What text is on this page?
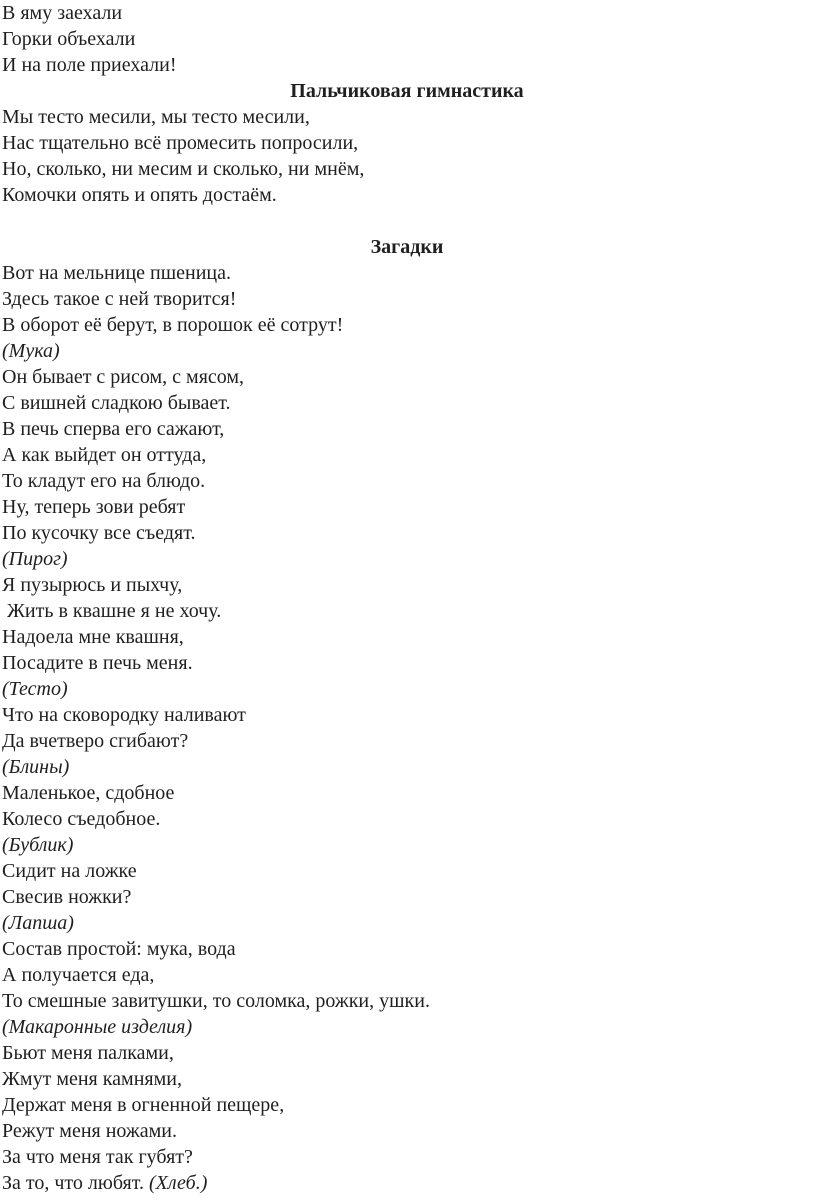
В яму заехали
Горки объехали
И на поле приехали!
Пальчиковая гимнастика
Мы тесто месили, мы тесто месили,
Нас тщательно всё промесить попросили,
Но, сколько, ни месим и сколько, ни мнём,
Комочки опять и опять достаём.
Загадки
Вот на мельнице пшеница.
Здесь такое с ней творится!
В оборот её берут, в порошок её сотрут!
(Мука)
Он бывает с рисом, с мясом,
С вишней сладкою бывает.
В печь сперва его сажают,
А как выйдет он оттуда,
То кладут его на блюдо.
Ну, теперь зови ребят
По кусочку все съедят.
(Пирог)
Я пузырюсь и пыхчу,
Жить в квашне я не хочу.
Надоела мне квашня,
Посадите в печь меня.
(Тесто)
Что на сковородку наливают
Да вчетверо сгибают?
(Блины)
Маленькое, сдобное
Колесо съедобное.
(Бублик)
Сидит на ложке
Свесив ножки?
(Лапша)
Состав простой: мука, вода
А получается еда,
То смешные завитушки, то соломка, рожки, ушки.
(Макаронные изделия)
Бьют меня палками,
Жмут меня камнями,
Держат меня в огненной пещере,
Режут меня ножами.
За что меня так губят?
За то, что любят. (Хлеб.)
